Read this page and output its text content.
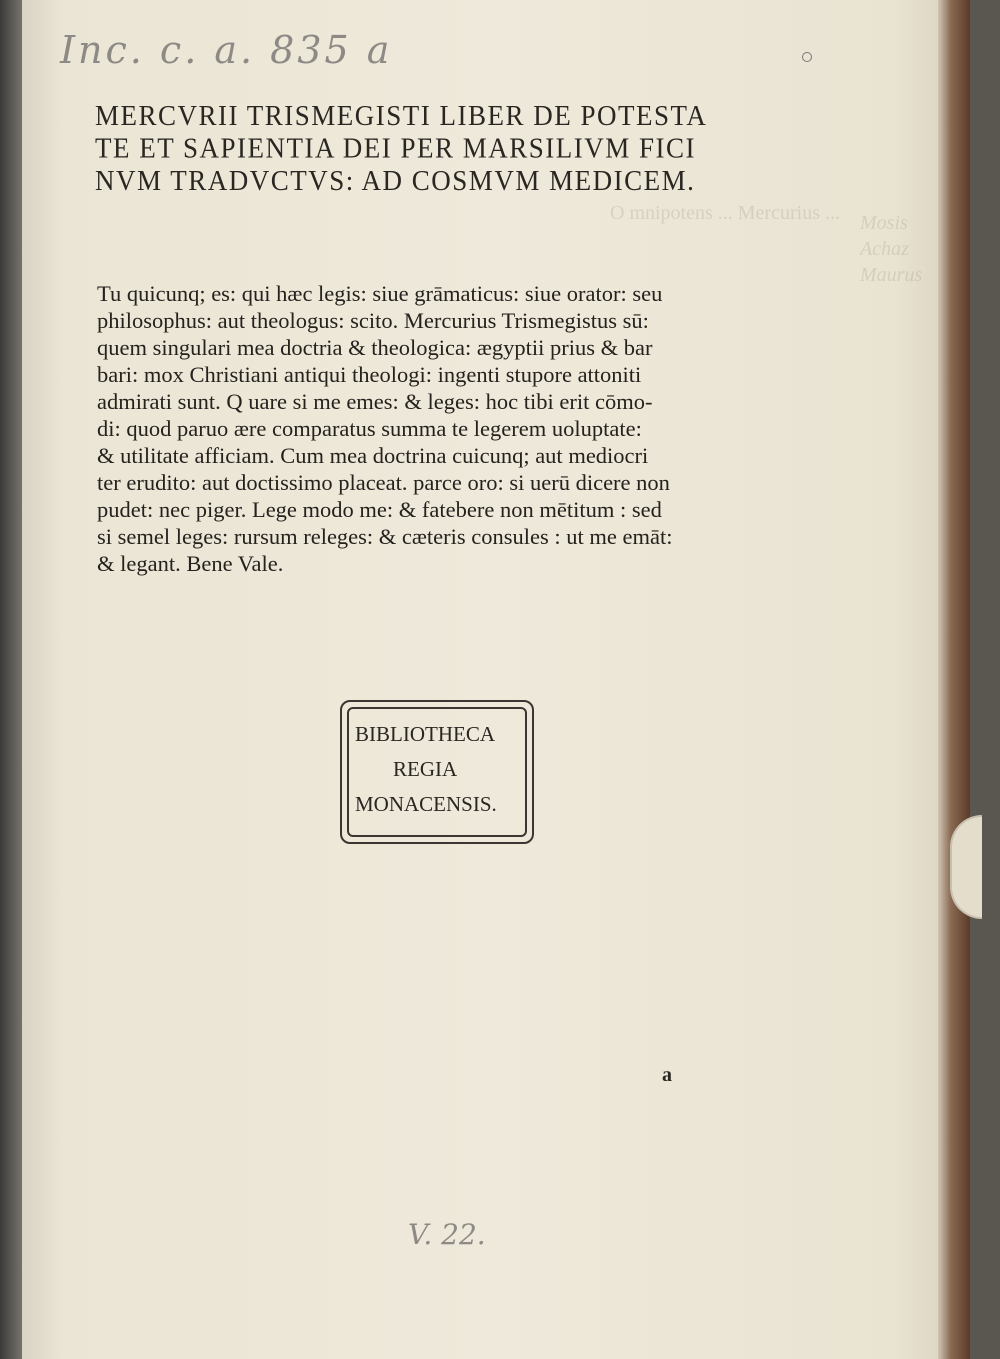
O mnipotens ... Mercurius ... Mosis
Achaz
Maurus
Inc. c. a. 835 a
MERCVRII TRISMEGISTI LIBER DE POTESTA
TE ET SAPIENTIA DEI PER MARSILIVM FICI
NVM TRADVCTVS: AD COSMVM MEDICEM.
Tu quicunq; es: qui hæc legis: siue grāmaticus: siue orator: seu
philosophus: aut theologus: scito. Mercurius Trismegistus sū:
quem singulari mea doctria & theologica: ægyptii prius & bar
bari: mox Christiani antiqui theologi: ingenti stupore attoniti
admirati sunt. Q uare si me emes: & leges: hoc tibi erit cōmo-
di: quod paruo ære comparatus summa te legerem uoluptate:
& utilitate afficiam. Cum mea doctrina cuicunq; aut mediocri
ter erudito: aut doctissimo placeat. parce oro: si uerū dicere non
pudet: nec piger. Lege modo me: & fatebere non mētitum : sed
si semel leges: rursum releges: & cæteris consules : ut me emāt:
& legant. Bene Vale.
BIBLIOTHECA
REGIA
MONACENSIS.
a
V. 22.
